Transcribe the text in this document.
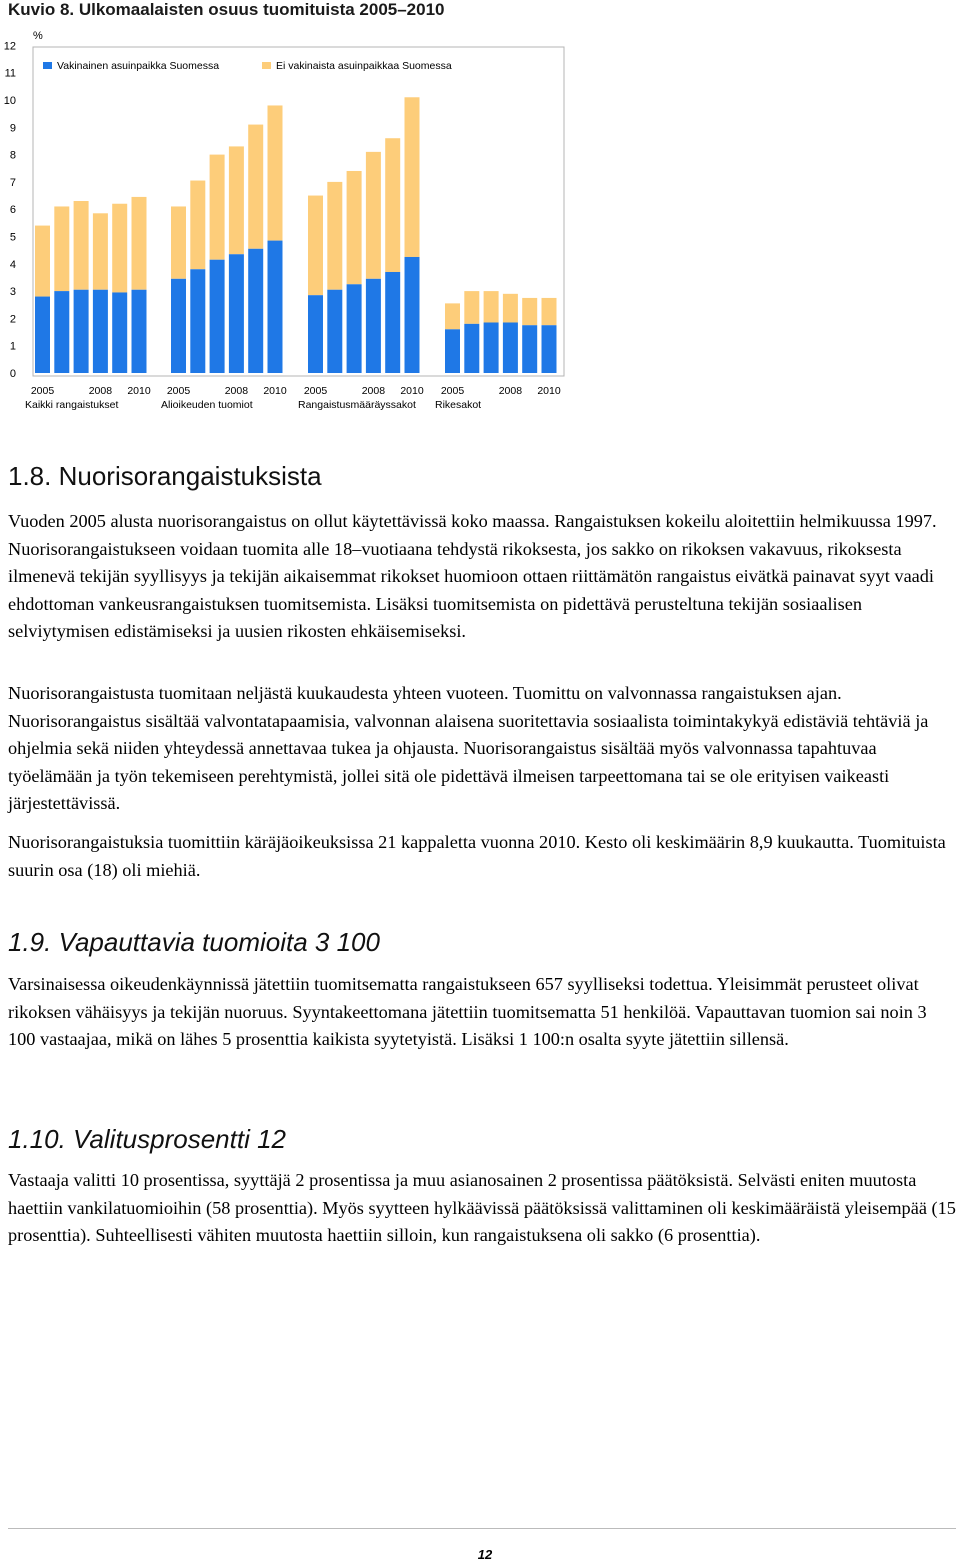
Kuvio 8. Ulkomaalaisten osuus tuomituista 2005–2010
%
0
1
2
3
4
5
6
7
8
9
10
11
12
Vakinainen asuinpaikka Suomessa	Ei vakinaista asuinpaikkaa Suomessa
2005	2008 2010
Kaikki rangaistukset
2005	2008 2010
Alioikeuden tuomiot
2005	2008 2010
Rangaistusmääräyssakot
2005	2008 2010
Rikesakot
1.8. Nuorisorangaistuksista

Vuoden 2005 alusta nuorisorangaistus on ollut käytettävissä koko maassa. Rangaistuksen kokeilu aloitettiin helmikuussa 1997. Nuorisorangaistukseen voidaan tuomita alle 18–vuotiaana tehdystä rikoksesta, jos sakko on rikoksen vakavuus, rikoksesta ilmenevä tekijän syyllisyys ja tekijän aikaisemmat rikokset huomioon ottaen riittämätön rangaistus eivätkä painavat syyt vaadi ehdottoman vankeusrangaistuksen tuomitsemista. Lisäksi tuomitsemista on pidettävä perusteltuna tekijän sosiaalisen selviytymisen edistämiseksi ja uusien rikosten ehkäisemiseksi.

Nuorisorangaistusta tuomitaan neljästä kuukaudesta yhteen vuoteen. Tuomittu on valvonnassa rangaistuksen ajan. Nuorisorangaistus sisältää valvontatapaamisia, valvonnan alaisena suoritettavia sosiaalista toimintakykyä edistäviä tehtäviä ja ohjelmia sekä niiden yhteydessä annettavaa tukea ja ohjausta. Nuorisorangaistus sisältää myös valvonnassa tapahtuvaa työelämään ja työn tekemiseen perehtymistä, jollei sitä ole pidettävä ilmeisen tarpeettomana tai se ole erityisen vaikeasti järjestettävissä.

Nuorisorangaistuksia tuomittiin käräjäoikeuksissa 21 kappaletta vuonna 2010. Kesto oli keskimäärin 8,9 kuukautta. Tuomituista suurin osa (18) oli miehiä.

1.9. Vapauttavia tuomioita 3 100

Varsinaisessa oikeudenkäynnissä jätettiin tuomitsematta rangaistukseen 657 syylliseksi todettua. Yleisimmät perusteet olivat rikoksen vähäisyys ja tekijän nuoruus. Syyntakeettomana jätettiin tuomitsematta 51 henkilöä. Vapauttavan tuomion sai noin 3 100 vastaajaa, mikä on lähes 5 prosenttia kaikista syytetyistä. Lisäksi 1 100:n osalta syyte jätettiin sillensä.

1.10. Valitusprosentti 12

Vastaaja valitti 10 prosentissa, syyttäjä 2 prosentissa ja muu asianosainen 2 prosentissa päätöksistä. Selvästi eniten muutosta haettiin vankilatuomioihin (58 prosenttia). Myös syytteen hylkäävissä päätöksissä valittaminen oli keskimääräistä yleisempää (15 prosenttia). Suhteellisesti vähiten muutosta haettiin silloin, kun rangaistuksena oli sakko (6 prosenttia).

12
